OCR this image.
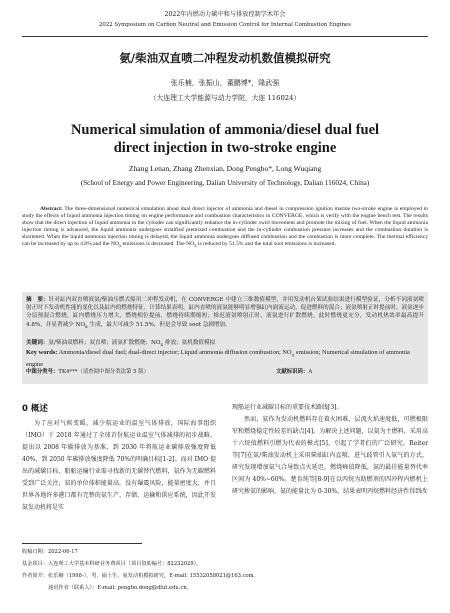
2022年内燃动力碳中和与排放控制学术年会
2022 Symposium on Carbon Neutral and Emission Control for Internal Combustion Engines
氨/柴油双直喷二冲程发动机数值模拟研究
张乐楠，张振山，董鹏博*，隆武强
（大连理工大学能源与动力学院，大连 116024）
Numerical simulation of ammonia/diesel dual fuel direct injection in two-stroke engine
Zhang Lenan, Zhang Zhenxian, Dong Pengbo*, Long Wuqiang
(School of Energy and Power Engineering, Dalian University of Technology, Dalian 116024, China)
Abstract: The three-dimensional numerical simulation about dual direct injector of ammonia and diesel in compression ignition marine two-stroke engine is employed to study the effects of liquid ammonia injection timing on engine performance and combustion characteristics in CONVERGE, which is verify with the engine bench test. The results show that the direct injection of liquid ammonia in the cylinder can significantly enhance the in-cylinder swirl movement and promote the mixing of fuel. When the liquid ammonia injection timing is advanced, the liquid ammonia undergoes stratified premixed combustion and the in-cylinder combustion pressure increases and the combustion duration is shortened. When the liquid ammonia injection timing is delayed, the liquid ammonia undergoes diffused combustion and the combustion is more complete. The thermal efficiency can be increased by up to 4.8% and the $NO_x$ emissions is decreased. The $NO_x$ is reduced by 51.5% and the total soot emissions is increased.
摘　要：针对缸内双直喷液氨/柴油压燃式船用二冲程发动机，在 CONVERGE 中建立三维数值模型，并用发动机台架试验结果进行模型验证，分析不同液氨喷射正时下发动机性能的变化以及缸内的燃烧特征。计算结果表明，缸内直喷的液氨能够明显增强缸内涡流运动，促进燃料的混合；液氨喷射正时提前时，液氨逐步分层预混合燃烧，缸内燃烧压力增大，燃烧相位提前，燃烧持续期缩短；推迟液氨喷射正时，液氨进行扩散燃烧，此时燃烧更充分，发动机热效率最高提升 4.8%，并显著减少 $NO_x$ 生成，最大可减少 51.5%，但是会导致 soot 急剧增加。
关键词：氨/柴油双燃料；双直喷；液氨扩散燃烧；$NO_x$ 排放；氨机数值模拟
Key words: Ammonia/diesel dual fuel; dual-direct injector; Liquid ammonia diffusion combustion; $NO_x$ emission; Numerical simulation of ammonia engine
中图分类号：TK4***（请查阅中图分类法第 5 版）	文献标识码：A
0 概述
为了应对气候变暖，减少航运业的温室气体排放，国际海事组织（IMO）于 2018 年通过了全球首份航运业温室气体减排的初步战略，提出以 2008 年碳排放为基准，到 2030 年将航运业碳排放强度降低 40%，到 2050 年碳排放强度降低 70%的明确目标[1-2]。而对 IMO 提出的减碳目标，船舶运输行业需寻找新的无碳替代燃料，氨作为无碳燃料受到广泛关注，氨的单位体积能量高，没有爆震风险，能量密度大，并且世界各地许多港口都有完整的氨生产、存储、运输和供应系统，因此开发氨发动机将是实

现船运行业减碳目标的重要技术路线[3]。

然而，氨作为发动机燃料存在着火困难，层流火焰速度低，可燃极限窄和燃烧稳定性较差的缺点[4]。为解决上述问题，以氨为主燃料，采用高十六烷值燃料引燃为代表的模式[5]，引起了学者们的广泛研究。Reiter 等[7]在氨/柴油发动机上采用柴油缸内直喷，进气歧管引入氨气的方式，研究发现增加氨气合导致点火延迟，燃烧峰值降低，氨的最佳能量替代率区间为 40%~60%。楚育纯等[8-9]在以丙烷为助燃剂的四冲程内燃机上研究掺氨的影响，氨的能量比为 0-30%，结果表明丙烷燃料经济性得到改

收稿日期：2022-06-17
基金项目：大连理工大学基本科研业务费项目（项目资助编号：82232029）。
作者简介：张乐楠（1998-），男，硕士生，氨发动机模拟研究，E-mail: 15532058021@163.com。
通讯作者（联系人）：E-mail: pengbo.dong@dlut.edu.cn。
